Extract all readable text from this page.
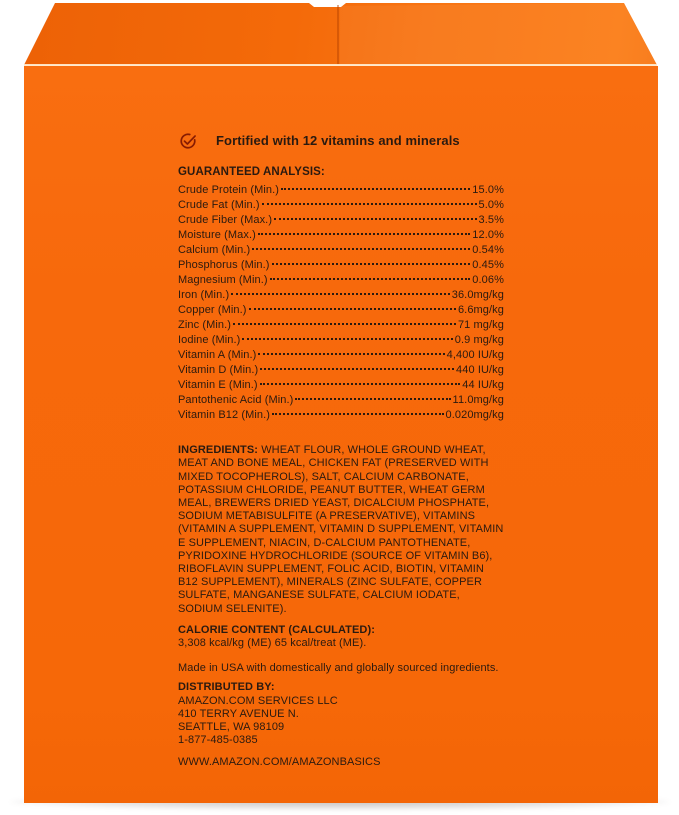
Fortified with 12 vitamins and minerals
GUARANTEED ANALYSIS:
Crude Protein (Min.)	15.0%
Crude Fat (Min.)	5.0%
Crude Fiber (Max.)	3.5%
Moisture (Max.)	12.0%
Calcium (Min.)	0.54%
Phosphorus (Min.)	0.45%
Magnesium (Min.)	0.06%
Iron (Min.)	36.0mg/kg
Copper (Min.)	6.6mg/kg
Zinc (Min.)	71 mg/kg
Iodine (Min.)	0.9 mg/kg
Vitamin A (Min.)	4,400 IU/kg
Vitamin D (Min.)	440 IU/kg
Vitamin E (Min.)	44 IU/kg
Pantothenic Acid (Min.)	11.0mg/kg
Vitamin B12 (Min.)	0.020mg/kg

INGREDIENTS: WHEAT FLOUR, WHOLE GROUND WHEAT, MEAT AND BONE MEAL, CHICKEN FAT (PRESERVED WITH MIXED TOCOPHEROLS), SALT, CALCIUM CARBONATE, POTASSIUM CHLORIDE, PEANUT BUTTER, WHEAT GERM MEAL, BREWERS DRIED YEAST, DICALCIUM PHOSPHATE, SODIUM METABISULFITE (A PRESERVATIVE), VITAMINS (VITAMIN A SUPPLEMENT, VITAMIN D SUPPLEMENT, VITAMIN E SUPPLEMENT, NIACIN, D-CALCIUM PANTOTHENATE, PYRIDOXINE HYDROCHLORIDE (SOURCE OF VITAMIN B6), RIBOFLAVIN SUPPLEMENT, FOLIC ACID, BIOTIN, VITAMIN B12 SUPPLEMENT), MINERALS (ZINC SULFATE, COPPER SULFATE, MANGANESE SULFATE, CALCIUM IODATE, SODIUM SELENITE).

CALORIE CONTENT (CALCULATED):
3,308 kcal/kg (ME) 65 kcal/treat (ME).

Made in USA with domestically and globally sourced ingredients.

DISTRIBUTED BY:
AMAZON.COM SERVICES LLC
410 TERRY AVENUE N.
SEATTLE, WA 98109
1-877-485-0385

WWW.AMAZON.COM/AMAZONBASICS
